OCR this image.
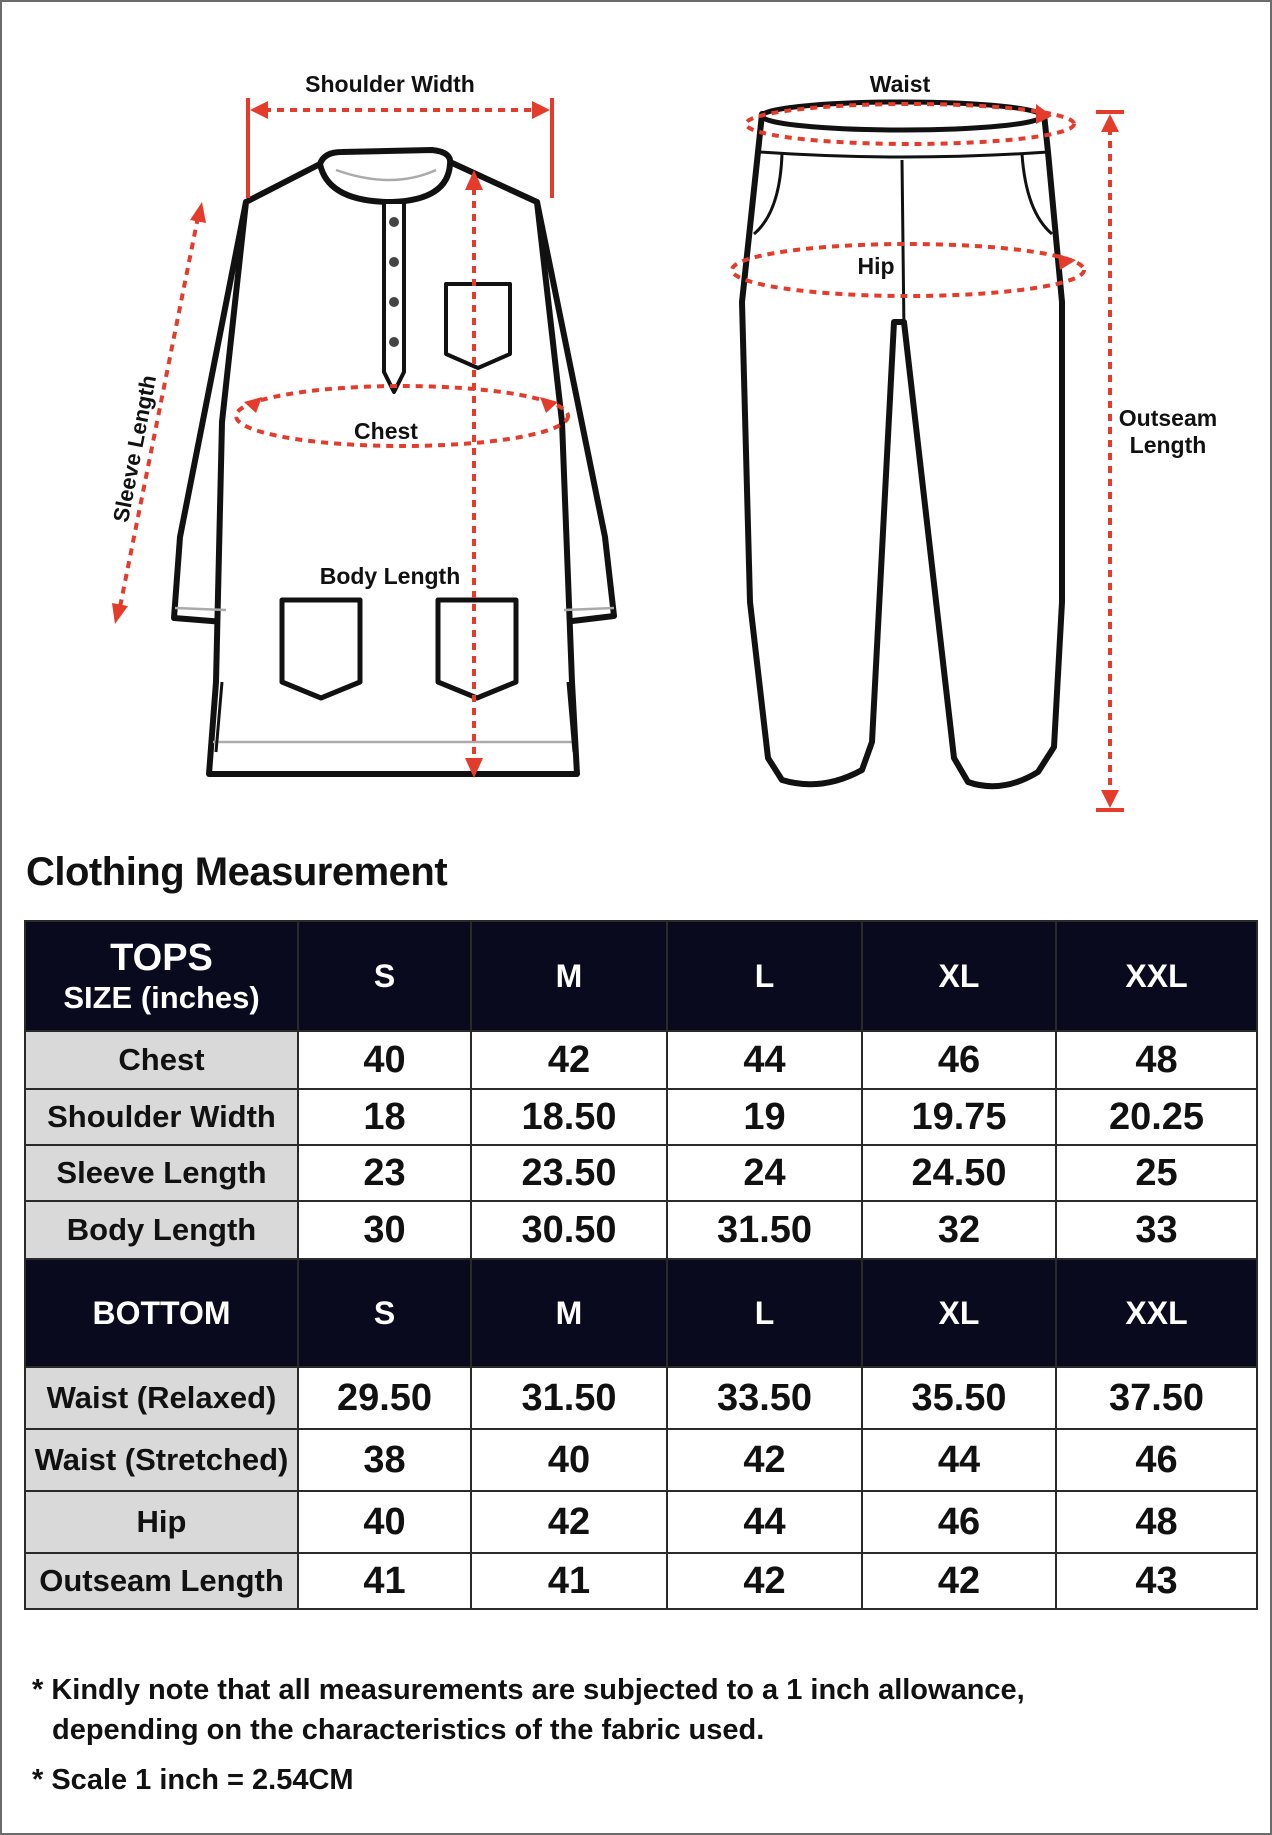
Shoulder Width
Sleeve Length	Chest
Body Length
Waist
Hip
Outseam
Length
Clothing Measurement
TOPS
SIZE (inches)	S	M	L	XL	XXL
Chest	40	42	44	46	48
Shoulder Width	18	18.50	19	19.75	20.25
Sleeve Length	23	23.50	24	24.50	25
Body Length	30	30.50	31.50	32	33
BOTTOM	S	M	L	XL	XXL
Waist (Relaxed)	29.50	31.50	33.50	35.50	37.50
Waist (Stretched)	38	40	42	44	46
Hip	40	42	44	46	48
Outseam Length	41	41	42	42	43

* Kindly note that all measurements are subjected to a 1 inch allowance,

depending on the characteristics of the fabric used.

* Scale 1 inch = 2.54CM
